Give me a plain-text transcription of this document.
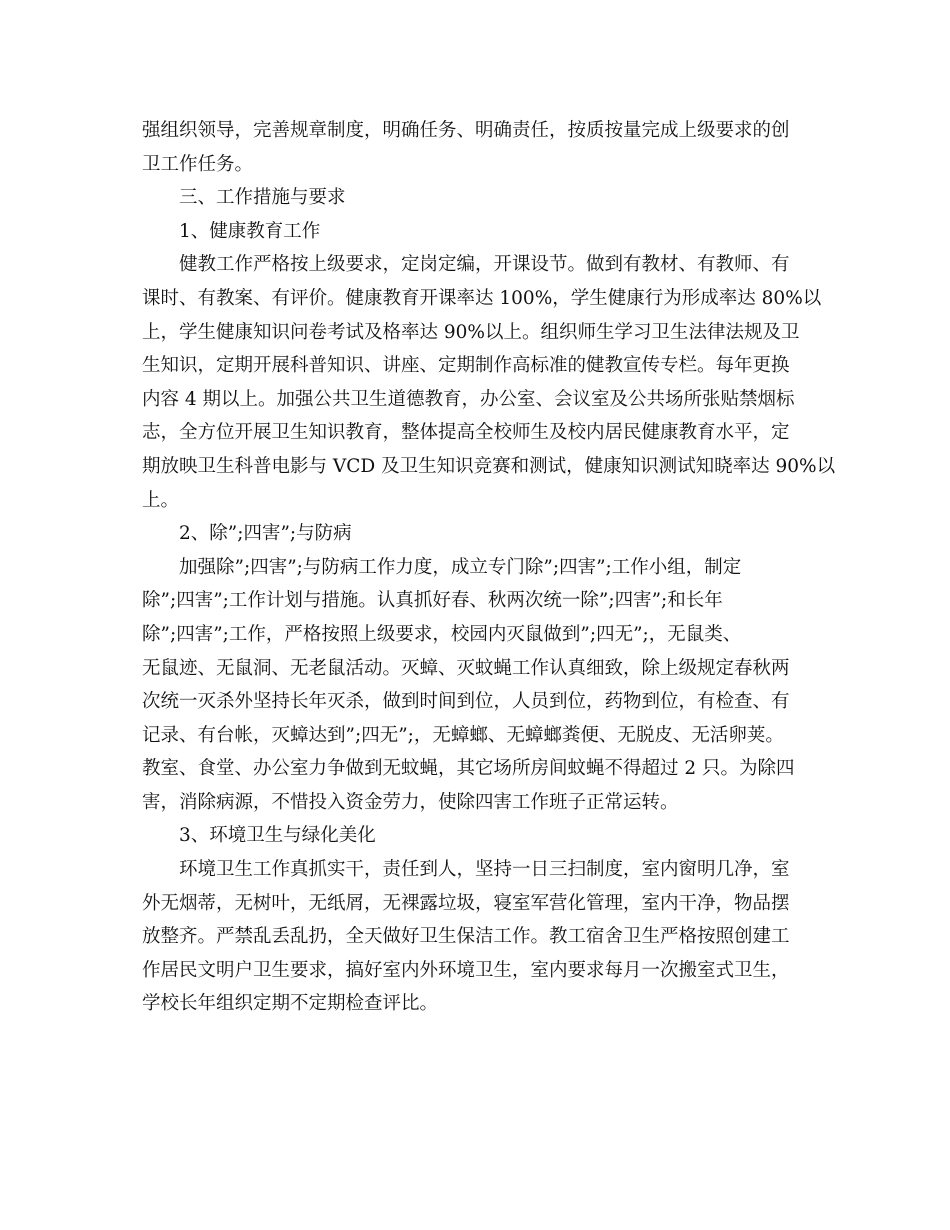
强组织领导，完善规章制度，明确任务、明确责任，按质按量完成上级要求的创
卫工作任务。
三、工作措施与要求
1、健康教育工作
健教工作严格按上级要求，定岗定编，开课设节。做到有教材、有教师、有
课时、有教案、有评价。健康教育开课率达 100%，学生健康行为形成率达 80%以
上，学生健康知识问卷考试及格率达 90%以上。组织师生学习卫生法律法规及卫
生知识，定期开展科普知识、讲座、定期制作高标准的健教宣传专栏。每年更换
内容 4 期以上。加强公共卫生道德教育，办公室、会议室及公共场所张贴禁烟标
志，全方位开展卫生知识教育，整体提高全校师生及校内居民健康教育水平，定
期放映卫生科普电影与 VCD 及卫生知识竞赛和测试，健康知识测试知晓率达 90%以
上。
2、除”;四害”;与防病
加强除”;四害”;与防病工作力度，成立专门除”;四害”;工作小组，制定
除”;四害”;工作计划与措施。认真抓好春、秋两次统一除”;四害”;和长年
除”;四害”;工作，严格按照上级要求，校园内灭鼠做到”;四无”;，无鼠类、
无鼠迹、无鼠洞、无老鼠活动。灭蟑、灭蚊蝇工作认真细致，除上级规定春秋两
次统一灭杀外坚持长年灭杀，做到时间到位，人员到位，药物到位，有检查、有
记录、有台帐，灭蟑达到”;四无”;，无蟑螂、无蟑螂粪便、无脱皮、无活卵荚。
教室、食堂、办公室力争做到无蚊蝇，其它场所房间蚊蝇不得超过 2 只。为除四
害，消除病源，不惜投入资金劳力，使除四害工作班子正常运转。
3、环境卫生与绿化美化
环境卫生工作真抓实干，责任到人，坚持一日三扫制度，室内窗明几净，室
外无烟蒂，无树叶，无纸屑，无裸露垃圾，寝室军营化管理，室内干净，物品摆
放整齐。严禁乱丢乱扔，全天做好卫生保洁工作。教工宿舍卫生严格按照创建工
作居民文明户卫生要求，搞好室内外环境卫生，室内要求每月一次搬室式卫生，
学校长年组织定期不定期检查评比。
